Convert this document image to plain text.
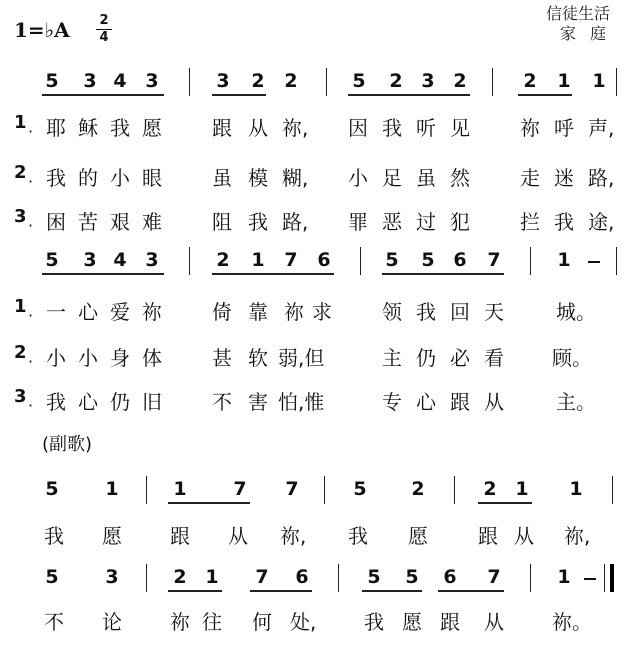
1=♭A 2
4
信徒生活
家庭
5 3 4 3	3 2 2	5 2 3 2	2 1 1
1 耶 稣 我 愿	跟 从 祢, 因 我 听 见	祢 呼 声,
·
2 我 的 小 眼	虽 模 糊, 小 足 虽 然	走 迷 路,
·
3 困 苦 艰 难	阻 我 路, 罪 恶 过 犯	拦 我 途,
·
5 3 4 3	2 1 7 6	5 5 6 7	1
1 一 心 爱 祢	倚 靠 祢 求	领 我 回 天	城。
·
2 小 小 身 体	甚 软 弱,但	主 仍 必 看 顾。
·
3 我 心 仍 旧	不 害 怕,惟	专 心 跟 从	主。
·
(副歌)
5 1	1 7 7	5 2	2 1 1
我 愿 跟 从 祢, 我 愿	跟 从 祢,
5 3	2 1 7 6	5 5 6 7	1
不 论 祢 往 何 处, 我 愿 跟 从 祢。
